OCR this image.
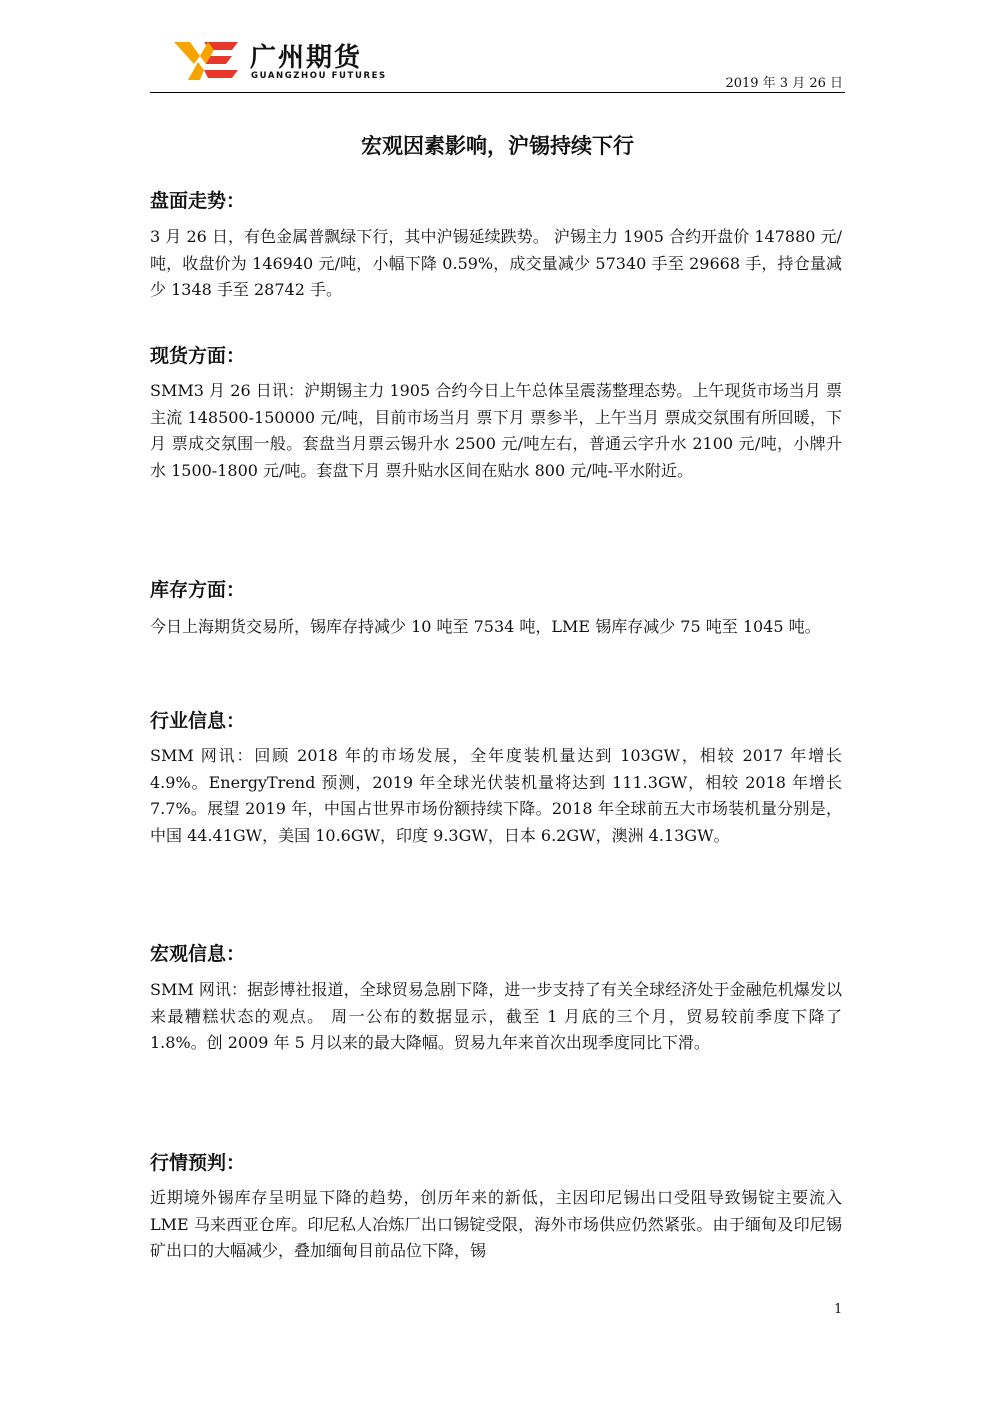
广州期货
GUANGZHOU FUTURES	2019 年 3 月 26 日
宏观因素影响，沪锡持续下行
盘面走势：
3 月 26 日，有色金属普飘绿下行，其中沪锡延续跌势。 沪锡主力 1905 合约开盘价 147880 元/吨，收盘价为 146940 元/吨，小幅下降 0.59%，成交量减少 57340 手至 29668 手，持仓量减少 1348 手至 28742 手。
现货方面：
SMM3 月 26 日讯：沪期锡主力 1905 合约今日上午总体呈震荡整理态势。上午现货市场当月 票主流 148500-150000 元/吨，目前市场当月 票下月 票参半，上午当月 票成交氛围有所回暖，下月 票成交氛围一般。套盘当月票云锡升水 2500 元/吨左右，普通云字升水 2100 元/吨，小牌升水 1500-1800 元/吨。套盘下月 票升贴水区间在贴水 800 元/吨-平水附近。
库存方面：
今日上海期货交易所，锡库存持减少 10 吨至 7534 吨，LME 锡库存减少 75 吨至 1045 吨。
行业信息：
SMM 网讯：回顾 2018 年的市场发展，全年度装机量达到 103GW，相较 2017 年增长 4.9%。EnergyTrend 预测，2019 年全球光伏装机量将达到 111.3GW，相较 2018 年增长 7.7%。展望 2019 年，中国占世界市场份额持续下降。2018 年全球前五大市场装机量分别是，中国 44.41GW，美国 10.6GW，印度 9.3GW，日本 6.2GW，澳洲 4.13GW。
宏观信息：
SMM 网讯：据彭博社报道，全球贸易急剧下降，进一步支持了有关全球经济处于金融危机爆发以来最糟糕状态的观点。 周一公布的数据显示，截至 1 月底的三个月，贸易较前季度下降了 1.8%。创 2009 年 5 月以来的最大降幅。贸易九年来首次出现季度同比下滑。
行情预判：
近期境外锡库存呈明显下降的趋势，创历年来的新低，主因印尼锡出口受阻导致锡锭主要流入 LME 马来西亚仓库。印尼私人冶炼厂出口锡锭受限，海外市场供应仍然紧张。由于缅甸及印尼锡矿出口的大幅减少，叠加缅甸目前品位下降，锡
1
